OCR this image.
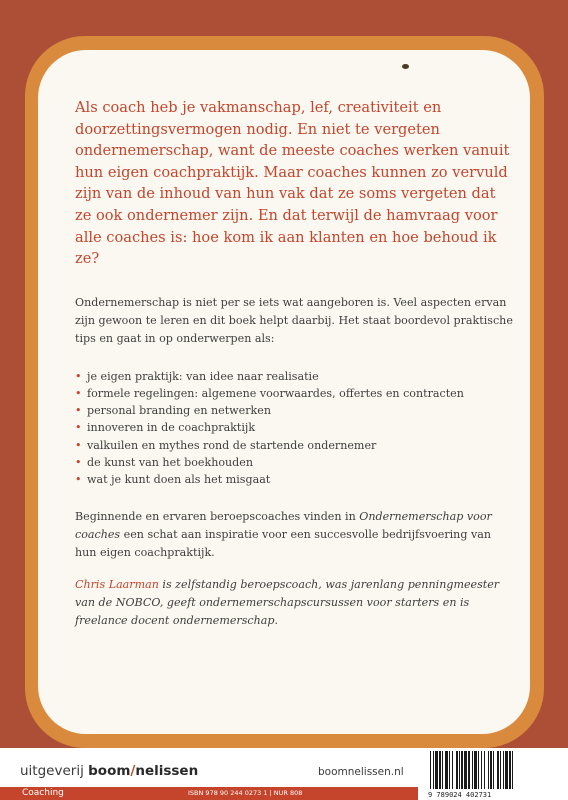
Als coach heb je vakmanschap, lef, creativiteit en doorzettingsvermogen nodig. En niet te vergeten ondernemerschap, want de meeste coaches werken vanuit hun eigen coachpraktijk. Maar coaches kunnen zo vervuld zijn van de inhoud van hun vak dat ze soms vergeten dat ze ook ondernemer zijn. En dat terwijl de hamvraag voor alle coaches is: hoe kom ik aan klanten en hoe behoud ik ze?

Ondernemerschap is niet per se iets wat aangeboren is. Veel aspecten ervan zijn gewoon te leren en dit boek helpt daarbij. Het staat boordevol praktische tips en gaat in op onderwerpen als:

• je eigen praktijk: van idee naar realisatie
• formele regelingen: algemene voorwaardes, offertes en contracten
• personal branding en netwerken
• innoveren in de coachpraktijk
• valkuilen en mythes rond de startende ondernemer
• de kunst van het boekhouden
• wat je kunt doen als het misgaat

Beginnende en ervaren beroepscoaches vinden in Ondernemerschap voor
coaches een schat aan inspiratie voor een succesvolle bedrijfsvoering van hun eigen coachpraktijk.

Chris Laarman is zelfstandig beroepscoach, was jarenlang penningmeester van de NOBCO, geeft ondernemerschapscursussen voor starters en is freelance docent ondernemerschap.

uitgeverij boom/nelissen	boomnelissen.nl
Coaching	ISBN 978 90 244 0273 1 | NUR 808	9 789024 402731
